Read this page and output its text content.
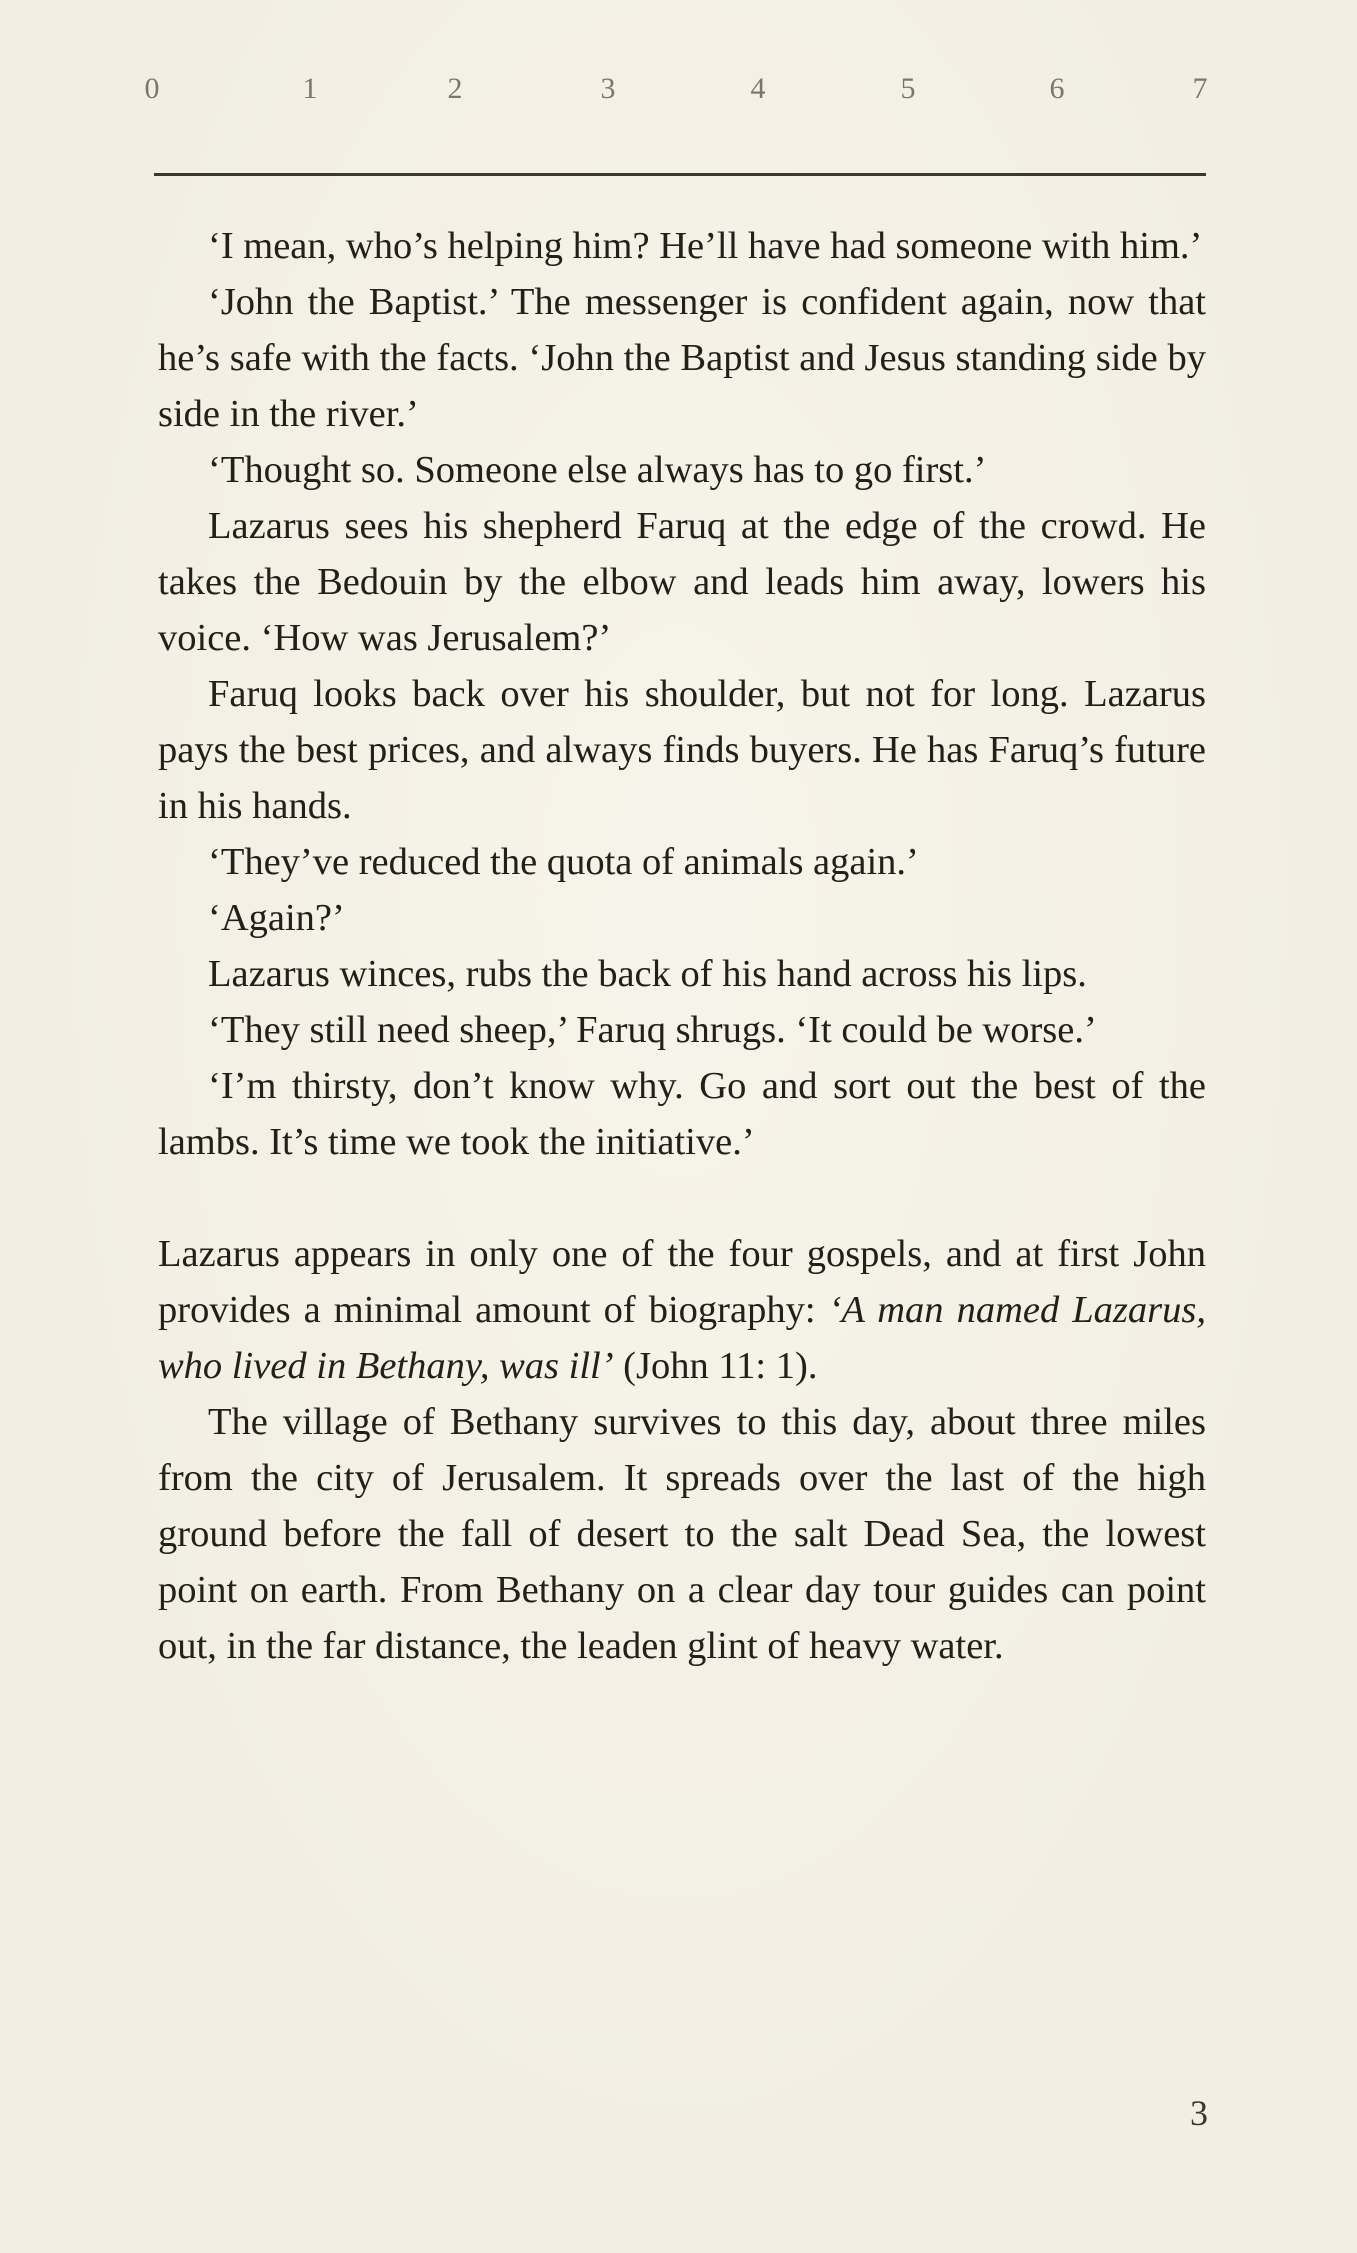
0	1	2	3	4	5	6	7

‘I mean, who’s helping him? He’ll have had someone with him.’

‘John the Baptist.’ The messenger is confident again, now that he’s safe with the facts. ‘John the Baptist and Jesus standing side by side in the river.’

‘Thought so. Someone else always has to go first.’

Lazarus sees his shepherd Faruq at the edge of the crowd. He takes the Bedouin by the elbow and leads him away, lowers his voice. ‘How was Jerusalem?’

Faruq looks back over his shoulder, but not for long. Lazarus pays the best prices, and always finds buyers. He has Faruq’s future in his hands.

‘They’ve reduced the quota of animals again.’

‘Again?’

Lazarus winces, rubs the back of his hand across his lips.

‘They still need sheep,’ Faruq shrugs. ‘It could be worse.’

‘I’m thirsty, don’t know why. Go and sort out the best of the lambs. It’s time we took the initiative.’

Lazarus appears in only one of the four gospels, and at first John provides a minimal amount of biography: ‘A man named Lazarus, who lived in Bethany, was ill’ (John 11: 1).

The village of Bethany survives to this day, about three miles from the city of Jerusalem. It spreads over the last of the high ground before the fall of desert to the salt Dead Sea, the lowest point on earth. From Bethany on a clear day tour guides can point out, in the far distance, the leaden glint of heavy water.

3
